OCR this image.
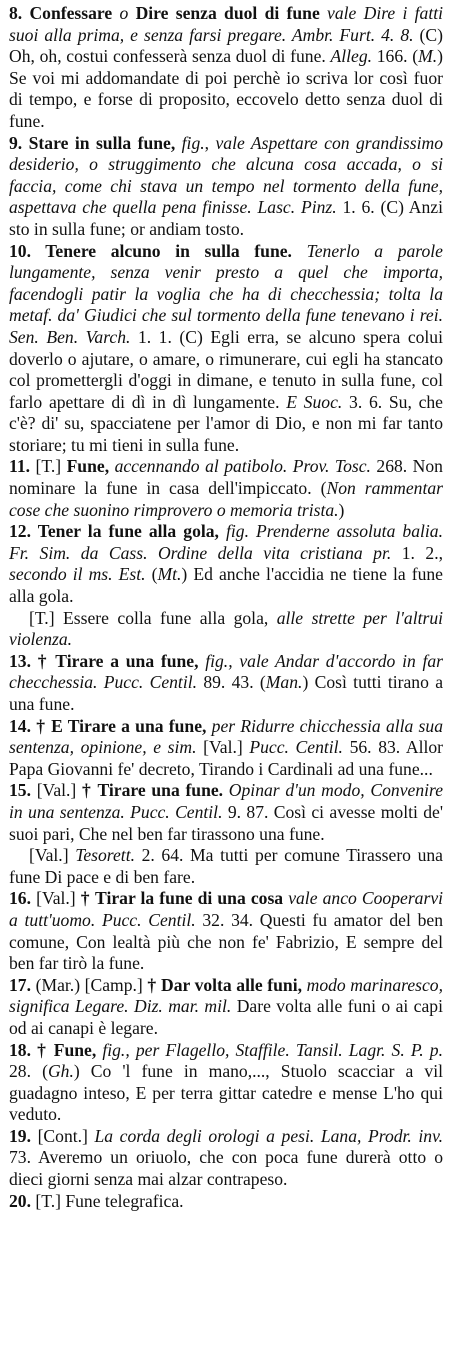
8. Confessare o Dire senza duol di fune vale Dire i fatti suoi alla prima, e senza farsi pregare. Ambr. Furt. 4. 8. (C) Oh, oh, costui confesserà senza duol di fune. Alleg. 166. (M.) Se voi mi addomandate di poi perchè io scriva lor così fuor di tempo, e forse di proposito, eccovelo detto senza duol di fune.

9. Stare in sulla fune, fig., vale Aspettare con grandissimo desiderio, o struggimento che alcuna cosa accada, o si faccia, come chi stava un tempo nel tormento della fune, aspettava che quella pena finisse. Lasc. Pinz. 1. 6. (C) Anzi sto in sulla fune; or andiam tosto.

10. Tenere alcuno in sulla fune. Tenerlo a parole lungamente, senza venir presto a quel che importa, facendogli patir la voglia che ha di checchessia; tolta la metaf. da' Giudici che sul tormento della fune tenevano i rei. Sen. Ben. Varch. 1. 1. (C) Egli erra, se alcuno spera colui doverlo o ajutare, o amare, o rimunerare, cui egli ha stancato col promettergli d'oggi in dimane, e tenuto in sulla fune, col farlo apettare di dì in dì lungamente. E Suoc. 3. 6. Su, che c'è? di' su, spacciatene per l'amor di Dio, e non mi far tanto storiare; tu mi tieni in sulla fune.

11. [T.] Fune, accennando al patibolo. Prov. Tosc. 268. Non nominare la fune in casa dell'impiccato. (Non rammentar cose che suonino rimprovero o memoria trista.)

12. Tener la fune alla gola, fig. Prenderne assoluta balia. Fr. Sim. da Cass. Ordine della vita cristiana pr. 1. 2., secondo il ms. Est. (Mt.) Ed anche l'accidia ne tiene la fune alla gola.

[T.] Essere colla fune alla gola, alle strette per l'altrui violenza.

13. † Tirare a una fune, fig., vale Andar d'accordo in far checchessia. Pucc. Centil. 89. 43. (Man.) Così tutti tirano a una fune.

14. † E Tirare a una fune, per Ridurre chicchessia alla sua sentenza, opinione, e sim. [Val.] Pucc. Centil. 56. 83. Allor Papa Giovanni fe' decreto, Tirando i Cardinali ad una fune...

15. [Val.] † Tirare una fune. Opinar d'un modo, Convenire in una sentenza. Pucc. Centil. 9. 87. Così ci avesse molti de' suoi pari, Che nel ben far tirassono una fune.

[Val.] Tesorett. 2. 64. Ma tutti per comune Tirassero una fune Di pace e di ben fare.

16. [Val.] † Tirar la fune di una cosa vale anco Cooperarvi a tutt'uomo. Pucc. Centil. 32. 34. Questi fu amator del ben comune, Con lealtà più che non fe' Fabrizio, E sempre del ben far tirò la fune.

17. (Mar.) [Camp.] † Dar volta alle funi, modo marinaresco, significa Legare. Diz. mar. mil. Dare volta alle funi o ai capi od ai canapi è legare.

18. † Fune, fig., per Flagello, Staffile. Tansil. Lagr. S. P. p. 28. (Gh.) Co 'l fune in mano,..., Stuolo scacciar a vil guadagno inteso, E per terra gittar catedre e mense L'ho qui veduto.

19. [Cont.] La corda degli orologi a pesi. Lana, Prodr. inv. 73. Averemo un oriuolo, che con poca fune durerà otto o dieci giorni senza mai alzar contrapeso.

20. [T.] Fune telegrafica.
